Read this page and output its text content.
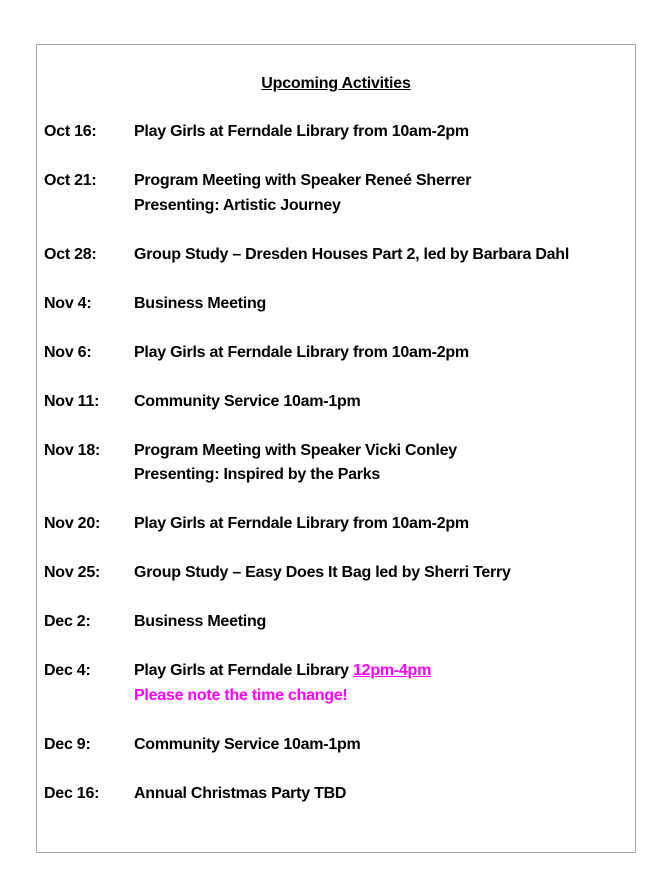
Upcoming Activities
Oct 16:	Play Girls at Ferndale Library from 10am-2pm
Oct 21:	Program Meeting with Speaker Reneé Sherrer
Presenting: Artistic Journey
Oct 28:	Group Study – Dresden Houses Part 2, led by Barbara Dahl
Nov 4:	Business Meeting
Nov 6:	Play Girls at Ferndale Library from 10am-2pm
Nov 11:	Community Service 10am-1pm
Nov 18:	Program Meeting with Speaker Vicki Conley
Presenting: Inspired by the Parks
Nov 20:	Play Girls at Ferndale Library from 10am-2pm
Nov 25:	Group Study – Easy Does It Bag led by Sherri Terry
Dec 2:	Business Meeting
Dec 4:	Play Girls at Ferndale Library 12pm-4pm
Please note the time change!
Dec 9:	Community Service 10am-1pm
Dec 16:	Annual Christmas Party TBD
